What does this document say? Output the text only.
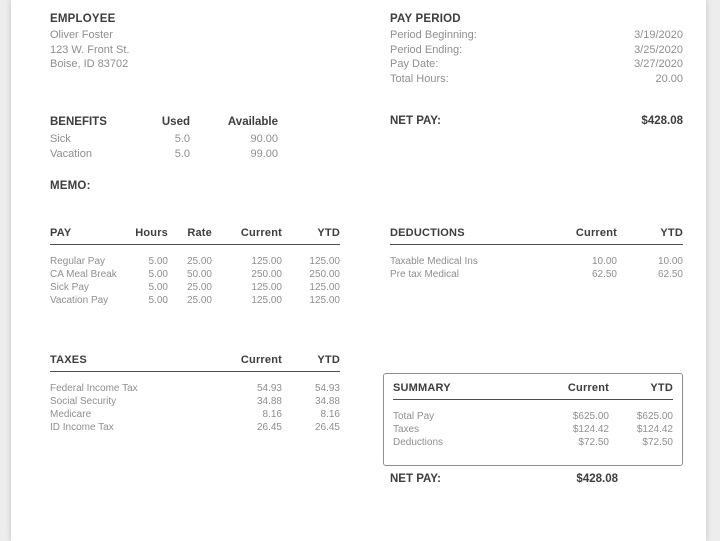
EMPLOYEE
Oliver Foster
123 W. Front St.
Boise, ID 83702
PAY PERIOD
Period Beginning:	3/19/2020
Period Ending:	3/25/2020
Pay Date:	3/27/2020
Total Hours:	20.00
BENEFITS	Used	Available
Sick	5.0	90.00
Vacation	5.0	99.00
NET PAY:	$428.08
MEMO:
PAY	Hours	Rate	Current	YTD
Regular Pay	5.00	25.00	125.00	125.00
CA Meal Break	5.00	50.00	250.00	250.00
Sick Pay	5.00	25.00	125.00	125.00
Vacation Pay	5.00	25.00	125.00	125.00
DEDUCTIONS	Current	YTD
Taxable Medical Ins	10.00	10.00
Pre tax Medical	62.50	62.50
TAXES	Current	YTD
Federal Income Tax	54.93	54.93
Social Security	34.88	34.88
Medicare	8.16	8.16
ID Income Tax	26.45	26.45
SUMMARY	Current	YTD
Total Pay	$625.00	$625.00
Taxes	$124.42	$124.42
Deductions	$72.50	$72.50
NET PAY:	$428.08
